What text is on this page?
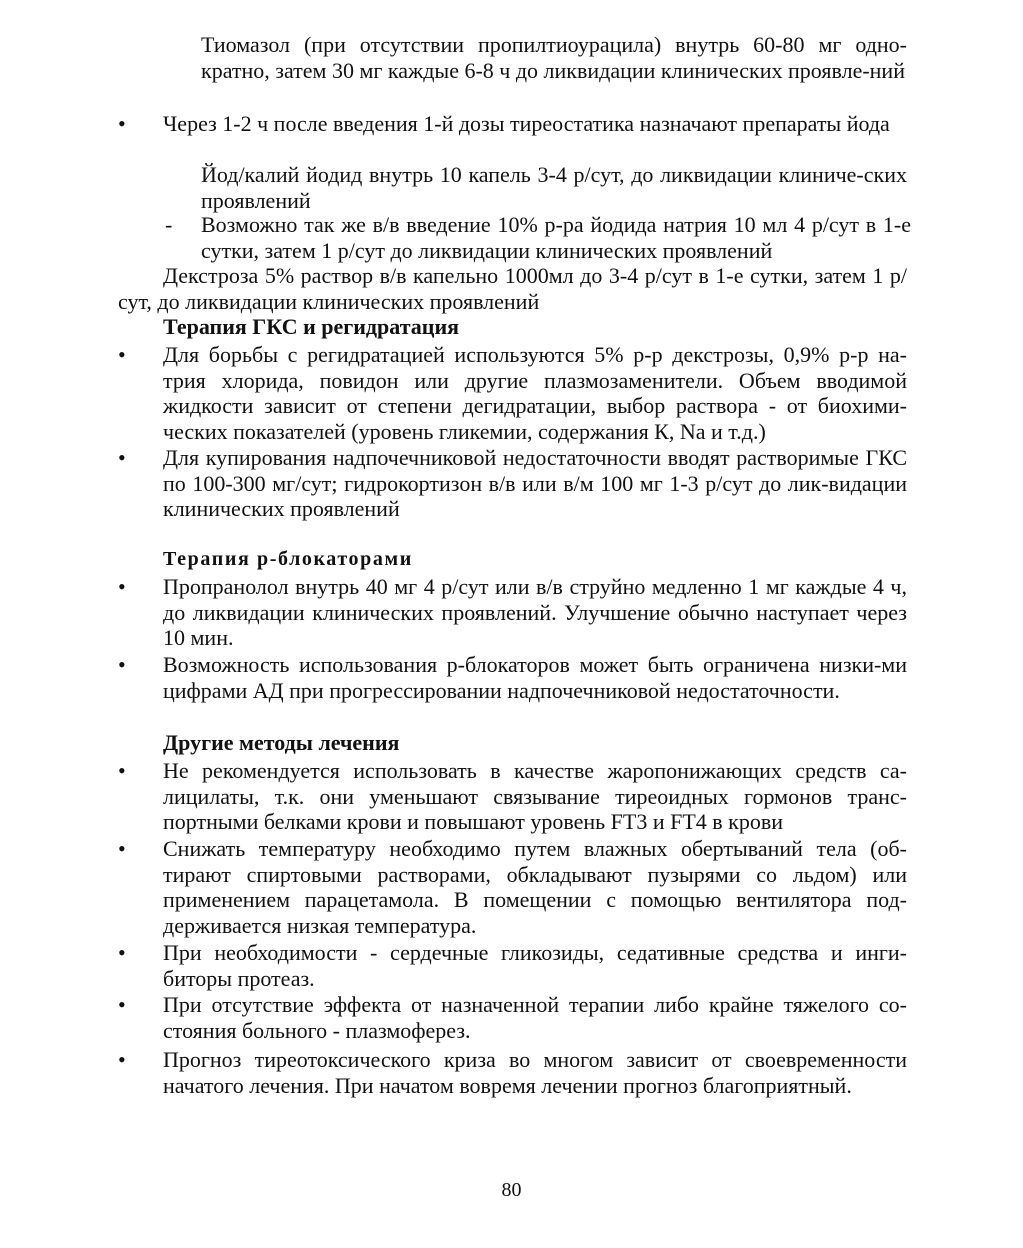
Тиомазол (при отсутствии пропилтиоурацила) внутрь 60-80 мг одно-кратно, затем 30 мг каждые 6-8 ч до ликвидации клинических проявле-ний
• Через 1-2 ч после введения 1-й дозы тиреостатика назначают препараты йода
Йод/калий йодид внутрь 10 капель 3-4 р/сут, до ликвидации клиниче-ских проявлений
- Возможно так же в/в введение 10% р-ра йодида натрия 10 мл 4 р/сут в 1-е сутки, затем 1 р/сут до ликвидации клинических проявлений
Декстроза 5% раствор в/в капельно 1000мл до 3-4 р/сут в 1-е сутки, затем 1 р/сут, до ликвидации клинических проявлений
Терапия ГКС и регидратация
• Для борьбы с регидратацией используются 5% р-р декстрозы, 0,9% р-р на-трия хлорида, повидон или другие плазмозаменители. Объем вводимой жидкости зависит от степени дегидратации, выбор раствора - от биохими-ческих показателей (уровень гликемии, содержания К, Na и т.д.)
• Для купирования надпочечниковой недостаточности вводят растворимые ГКС по 100-300 мг/сут; гидрокортизон в/в или в/м 100 мг 1-3 р/сут до лик-видации клинических проявлений
Терапия р-блокаторами
• Пропранолол внутрь 40 мг 4 р/сут или в/в струйно медленно 1 мг каждые 4 ч, до ликвидации клинических проявлений. Улучшение обычно наступает через 10 мин.
• Возможность использования р-блокаторов может быть ограничена низки-ми цифрами АД при прогрессировании надпочечниковой недостаточности.
Другие методы лечения
• Не рекомендуется использовать в качестве жаропонижающих средств са-лицилаты, т.к. они уменьшают связывание тиреоидных гормонов транс-портными белками крови и повышают уровень FT3 и FT4 в крови
• Снижать температуру необходимо путем влажных обертываний тела (об-тирают спиртовыми растворами, обкладывают пузырями со льдом) или применением парацетамола. В помещении с помощью вентилятора под-держивается низкая температура.
• При необходимости - сердечные гликозиды, седативные средства и инги-биторы протеаз.
• При отсутствие эффекта от назначенной терапии либо крайне тяжелого со-стояния больного - плазмоферез.
• Прогноз тиреотоксического криза во многом зависит от своевременности начатого лечения. При начатом вовремя лечении прогноз благоприятный.
80
